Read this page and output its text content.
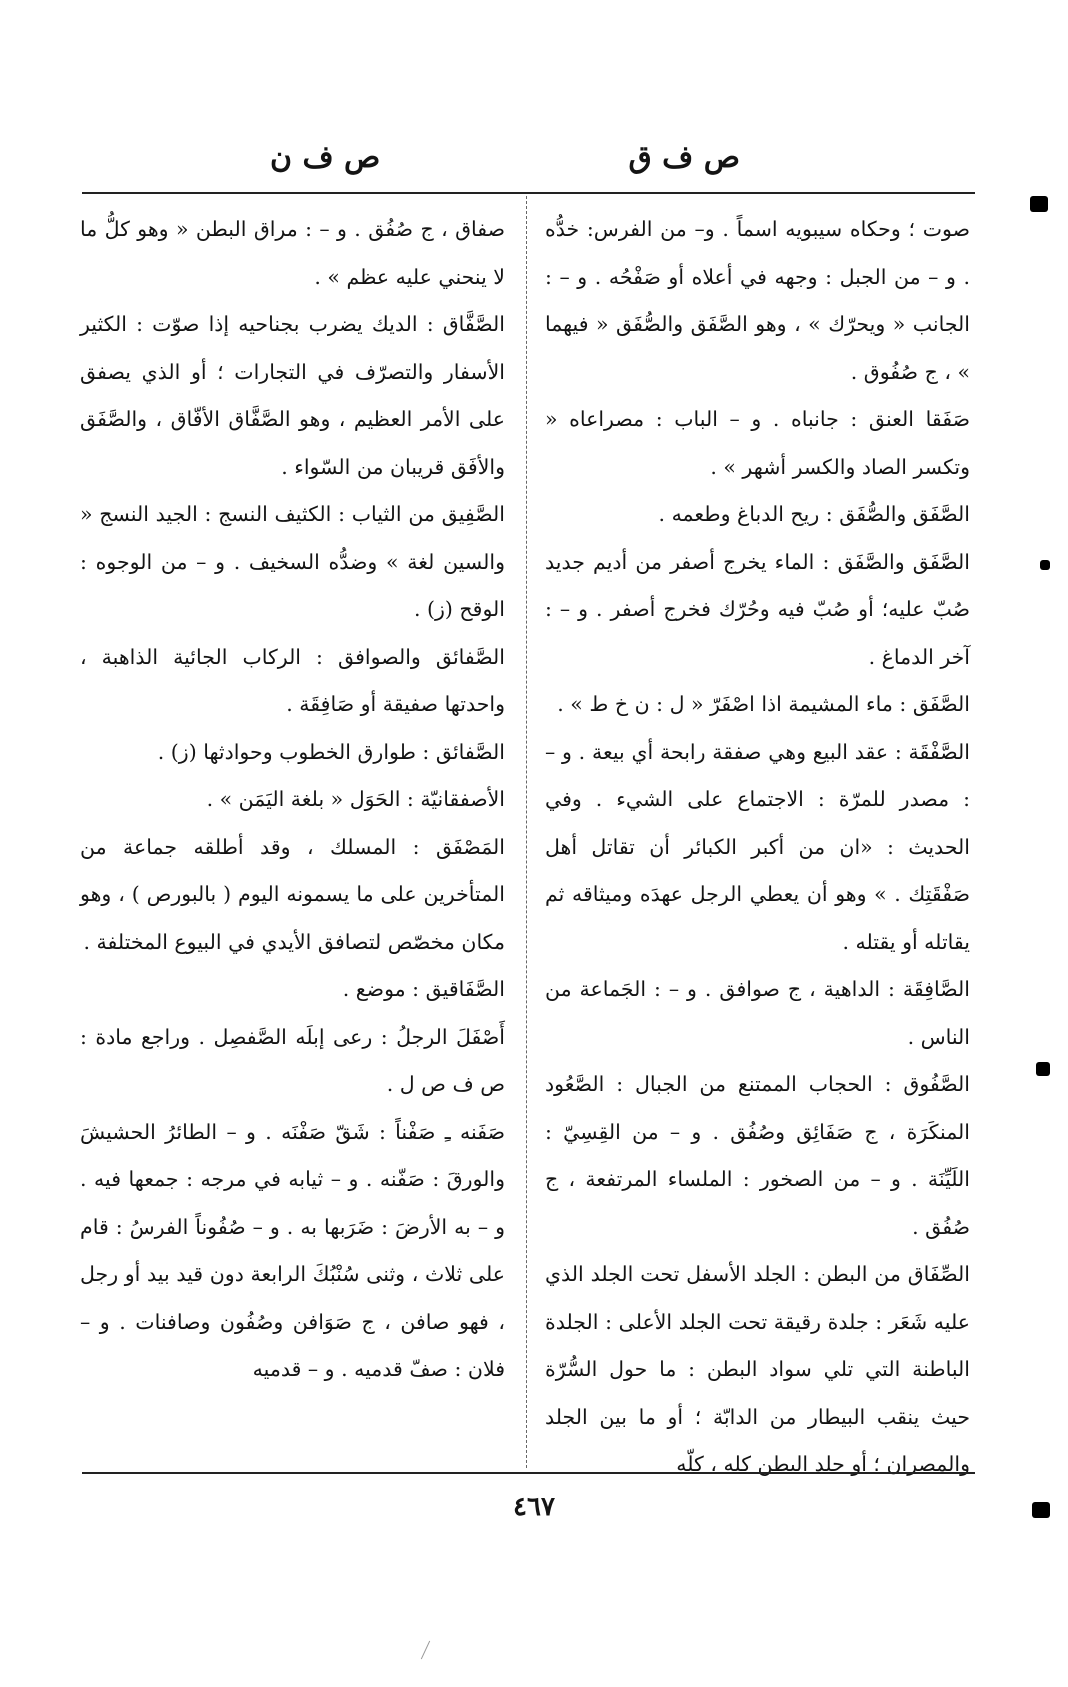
ص ف ق
ص ف ن

صوت ؛ وحكاه سيبويه اسماً . و– من الفرس: خدُّه . و – من الجبل : وجهه في أعلاه أو صَفْحُه . و – : الجانب « ويحرّك » ، وهو الصَّفَق والصُّفَق « فيهما » ، ج صُفُوق .

صَفَقا العنق : جانباه . و – الباب : مصراعاه « وتكسر الصاد والكسر أشهر » .

الصَّفَق والصُّفَق : ريح الدباغ وطعمه .

الصَّفَق والصَّفَق : الماء يخرج أصفر من أديم جديد صُبّ عليه؛ أو صُبّ فيه وحُرّك فخرج أصفر . و – : آخر الدماغ .

الصَّفَق : ماء المشيمة اذا اصْفَرّ « ل : ن خ ط » .

الصَّفْقَة : عقد البيع وهي صفقة رابحة أي بيعة . و – : مصدر للمرّة : الاجتماع على الشيء . وفي الحديث : «ان من أكبر الكبائر أن تقاتل أهل صَفْقَتِك . » وهو أن يعطي الرجل عهدَه وميثاقه ثم يقاتله أو يقتله .

الصَّافِقَة : الداهية ، ج صوافق . و – : الجَماعة من الناس .

الصَّفُوق : الحجاب الممتنع من الجبال : الصَّعُود المنكَرَة ، ج صَفَائِق وصُفُق . و – من القِسِيّ : اللَيِّنَة . و – من الصخور : الملساء المرتفعة ، ج صُفُق .

الصِّفَاق من البطن : الجلد الأسفل تحت الجلد الذي عليه شَعَر : جلدة رقيقة تحت الجلد الأعلى : الجلدة الباطنة التي تلي سواد البطن : ما حول السُّرّة حيث ينقب البيطار من الدابّة ؛ أو ما بين الجلد والمصران ؛ أو جلد البطن كله ، كلّه

صفاق ، ج صُفُق . و – : مراق البطن « وهو كلُّ ما لا ينحني عليه عظم » .

الصَّفَّاق : الديك يضرب بجناحيه إذا صوّت : الكثير الأسفار والتصرّف في التجارات ؛ أو الذي يصفق على الأمر العظيم ، وهو الصَّفَّاق الأفّاق ، والصَّفَق والأفَق قريبان من السّواء .

الصَّفِيق من الثياب : الكثيف النسج : الجيد النسج « والسين لغة » وضدُّه السخيف . و – من الوجوه : الوقح (ز) .

الصَّفائق والصوافق : الركاب الجائية الذاهبة ، واحدتها صفيقة أو صَافِقَة .

الصَّفائق : طوارق الخطوب وحوادثها (ز) .

الأصفقانيّة : الحَوَل « بلغة اليَمَن » .

المَصْفَق : المسلك ، وقد أطلقه جماعة من المتأخرين على ما يسمونه اليوم ( بالبورص ) ، وهو مكان مخصّص لتصافق الأيدي في البيوع المختلفة .

الصَّفَاقيق : موضع .

أَصْفَلَ الرجلُ : رعى إبلَه الصَّفصِل . وراجع مادة : ص ف ص ل .

صَفَنه ـِ صَفْناً : شَقّ صَفْنَه . و – الطائرُ الحشيشَ والورقَ : صَفّنه . و – ثيابه في مرجه : جمعها فيه . و – به الأرضَ : ضَرَبها به . و – صُفُوناً الفرسُ : قام على ثلاث ، وثنى سُنْبُكَ الرابعة دون قيد بيد أو رجل ، فهو صافن ، ج صَوَافن وصُفُون وصافنات . و – فلان : صفّ قدميه . و – قدميه

٤٦٧
